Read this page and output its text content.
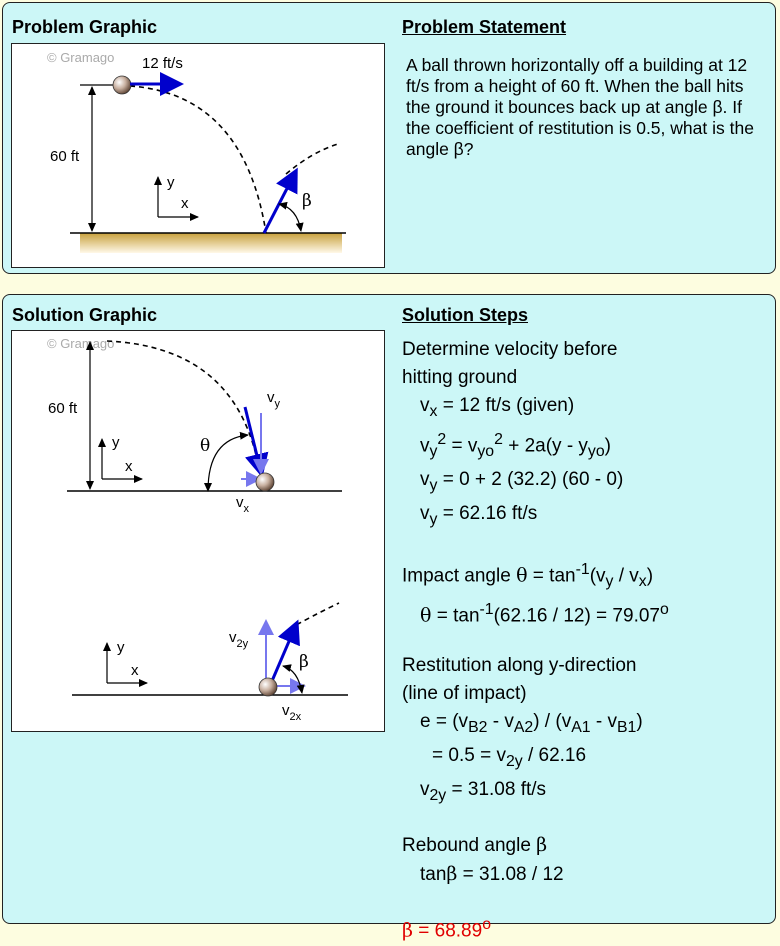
Problem Graphic	Problem Statement
© Gramago
60 ft
12 ft/s
β
y
x
A ball thrown horizontally off a building at 12 ft/s from a height of 60 ft. When the ball hits the ground it bounces back up at angle β. If the coefficient of restitution is 0.5, what is the angle β?
Solution Graphic	Solution Steps
© Gramago
60 ft
y
x
θ
$v_y$
$v_x$
y
x	β
$v_{2y}$
$v_{2x}$
Determine velocity before
hitting ground
$v_x = 12$ ft/s (given)
$v_y^2 = v_{yo}^2 + 2a(y - y_{yo})$
$v_y = 0 + 2$ (32.2) (60 - 0)
$v_y = 62.16$ ft/s
Impact angle $\theta = \tan^{-1}(v_y / v_x)$
$\theta = \tan^{-1}(62.16 / 12) = 79.07^o$
Restitution along y-direction
(line of impact)
$e = (v_{B2} - v_{A2}) / (v_{A1} - v_{B1})$
= $0.5 = v_{2y} / 62.16$
$v_{2y} = 31.08$ ft/s
Rebound angle β
tanβ = 31.08 / 12
$\beta = 68.89^o$
